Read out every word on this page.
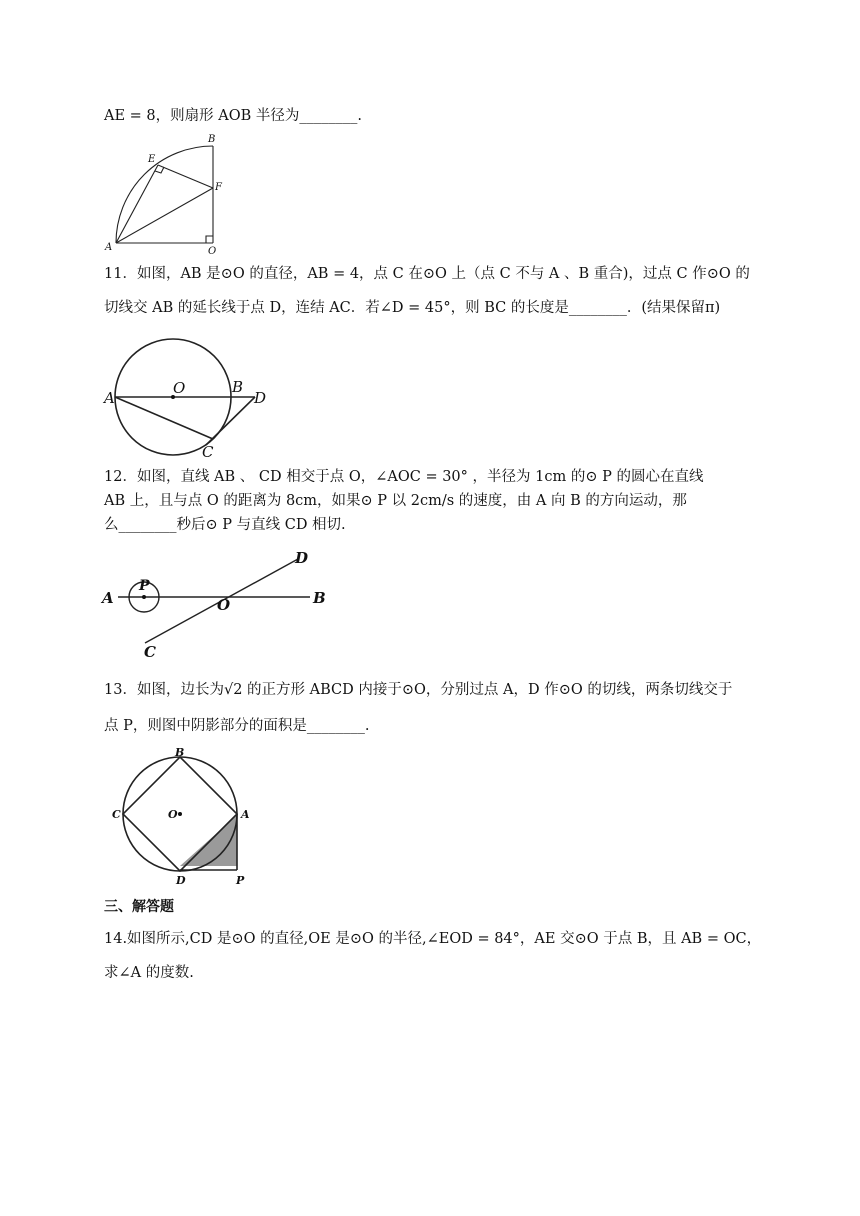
AE = 8，则扇形 AOB 半径为________.
B
E
F
A	O
11．如图，AB 是⊙O 的直径，AB = 4，点 C 在⊙O 上（点 C 不与 A 、B 重合)，过点 C 作⊙O 的
切线交 AB 的延长线于点 D，连结 AC．若∠D = 45°，则 BC 的长度是________．(结果保留π)
A
O	B
D
C
12．如图，直线 AB 、 CD 相交于点 O，∠AOC = 30° ，半径为 1cm 的⊙ P 的圆心在直线
AB 上，且与点 O 的距离为 8cm，如果⊙ P 以 2cm/s 的速度，由 A 向 B 的方向运动，那
么________秒后⊙ P 与直线 CD 相切.
A
P
O	B
D
C
13．如图，边长为√2 的正方形 ABCD 内接于⊙O，分别过点 A，D 作⊙O 的切线，两条切线交于
点 P，则图中阴影部分的面积是________.
B
C	O	A
D	P
三、解答题
14.如图所示,CD 是⊙O 的直径,OE 是⊙O 的半径,∠EOD = 84°，AE 交⊙O 于点 B，且 AB = OC，
求∠A 的度数.
